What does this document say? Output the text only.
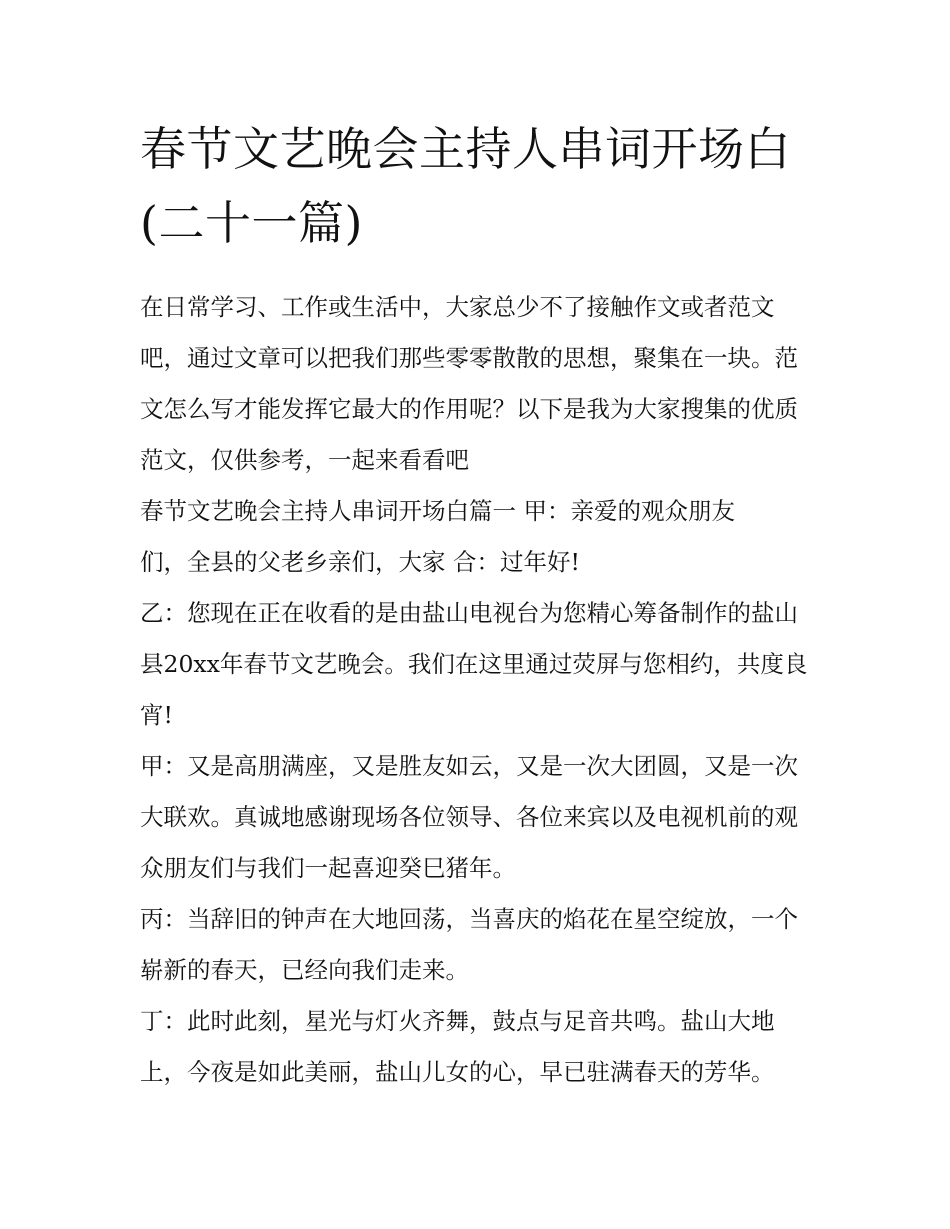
春节文艺晚会主持人串词开场白(二十一篇)

在日常学习、工作或生活中，大家总少不了接触作文或者范文吧，通过文章可以把我们那些零零散散的思想，聚集在一块。范文怎么写才能发挥它最大的作用呢？以下是我为大家搜集的优质范文，仅供参考，一起来看看吧

春节文艺晚会主持人串词开场白篇一 甲：亲爱的观众朋友们，全县的父老乡亲们，大家 合：过年好!

乙：您现在正在收看的是由盐山电视台为您精心筹备制作的盐山县20xx年春节文艺晚会。我们在这里通过荧屏与您相约，共度良宵!

甲：又是高朋满座，又是胜友如云，又是一次大团圆，又是一次大联欢。真诚地感谢现场各位领导、各位来宾以及电视机前的观众朋友们与我们一起喜迎癸巳猪年。

丙：当辞旧的钟声在大地回荡，当喜庆的焰花在星空绽放，一个崭新的春天，已经向我们走来。

丁：此时此刻，星光与灯火齐舞，鼓点与足音共鸣。盐山大地上，今夜是如此美丽，盐山儿女的心，早已驻满春天的芳华。
